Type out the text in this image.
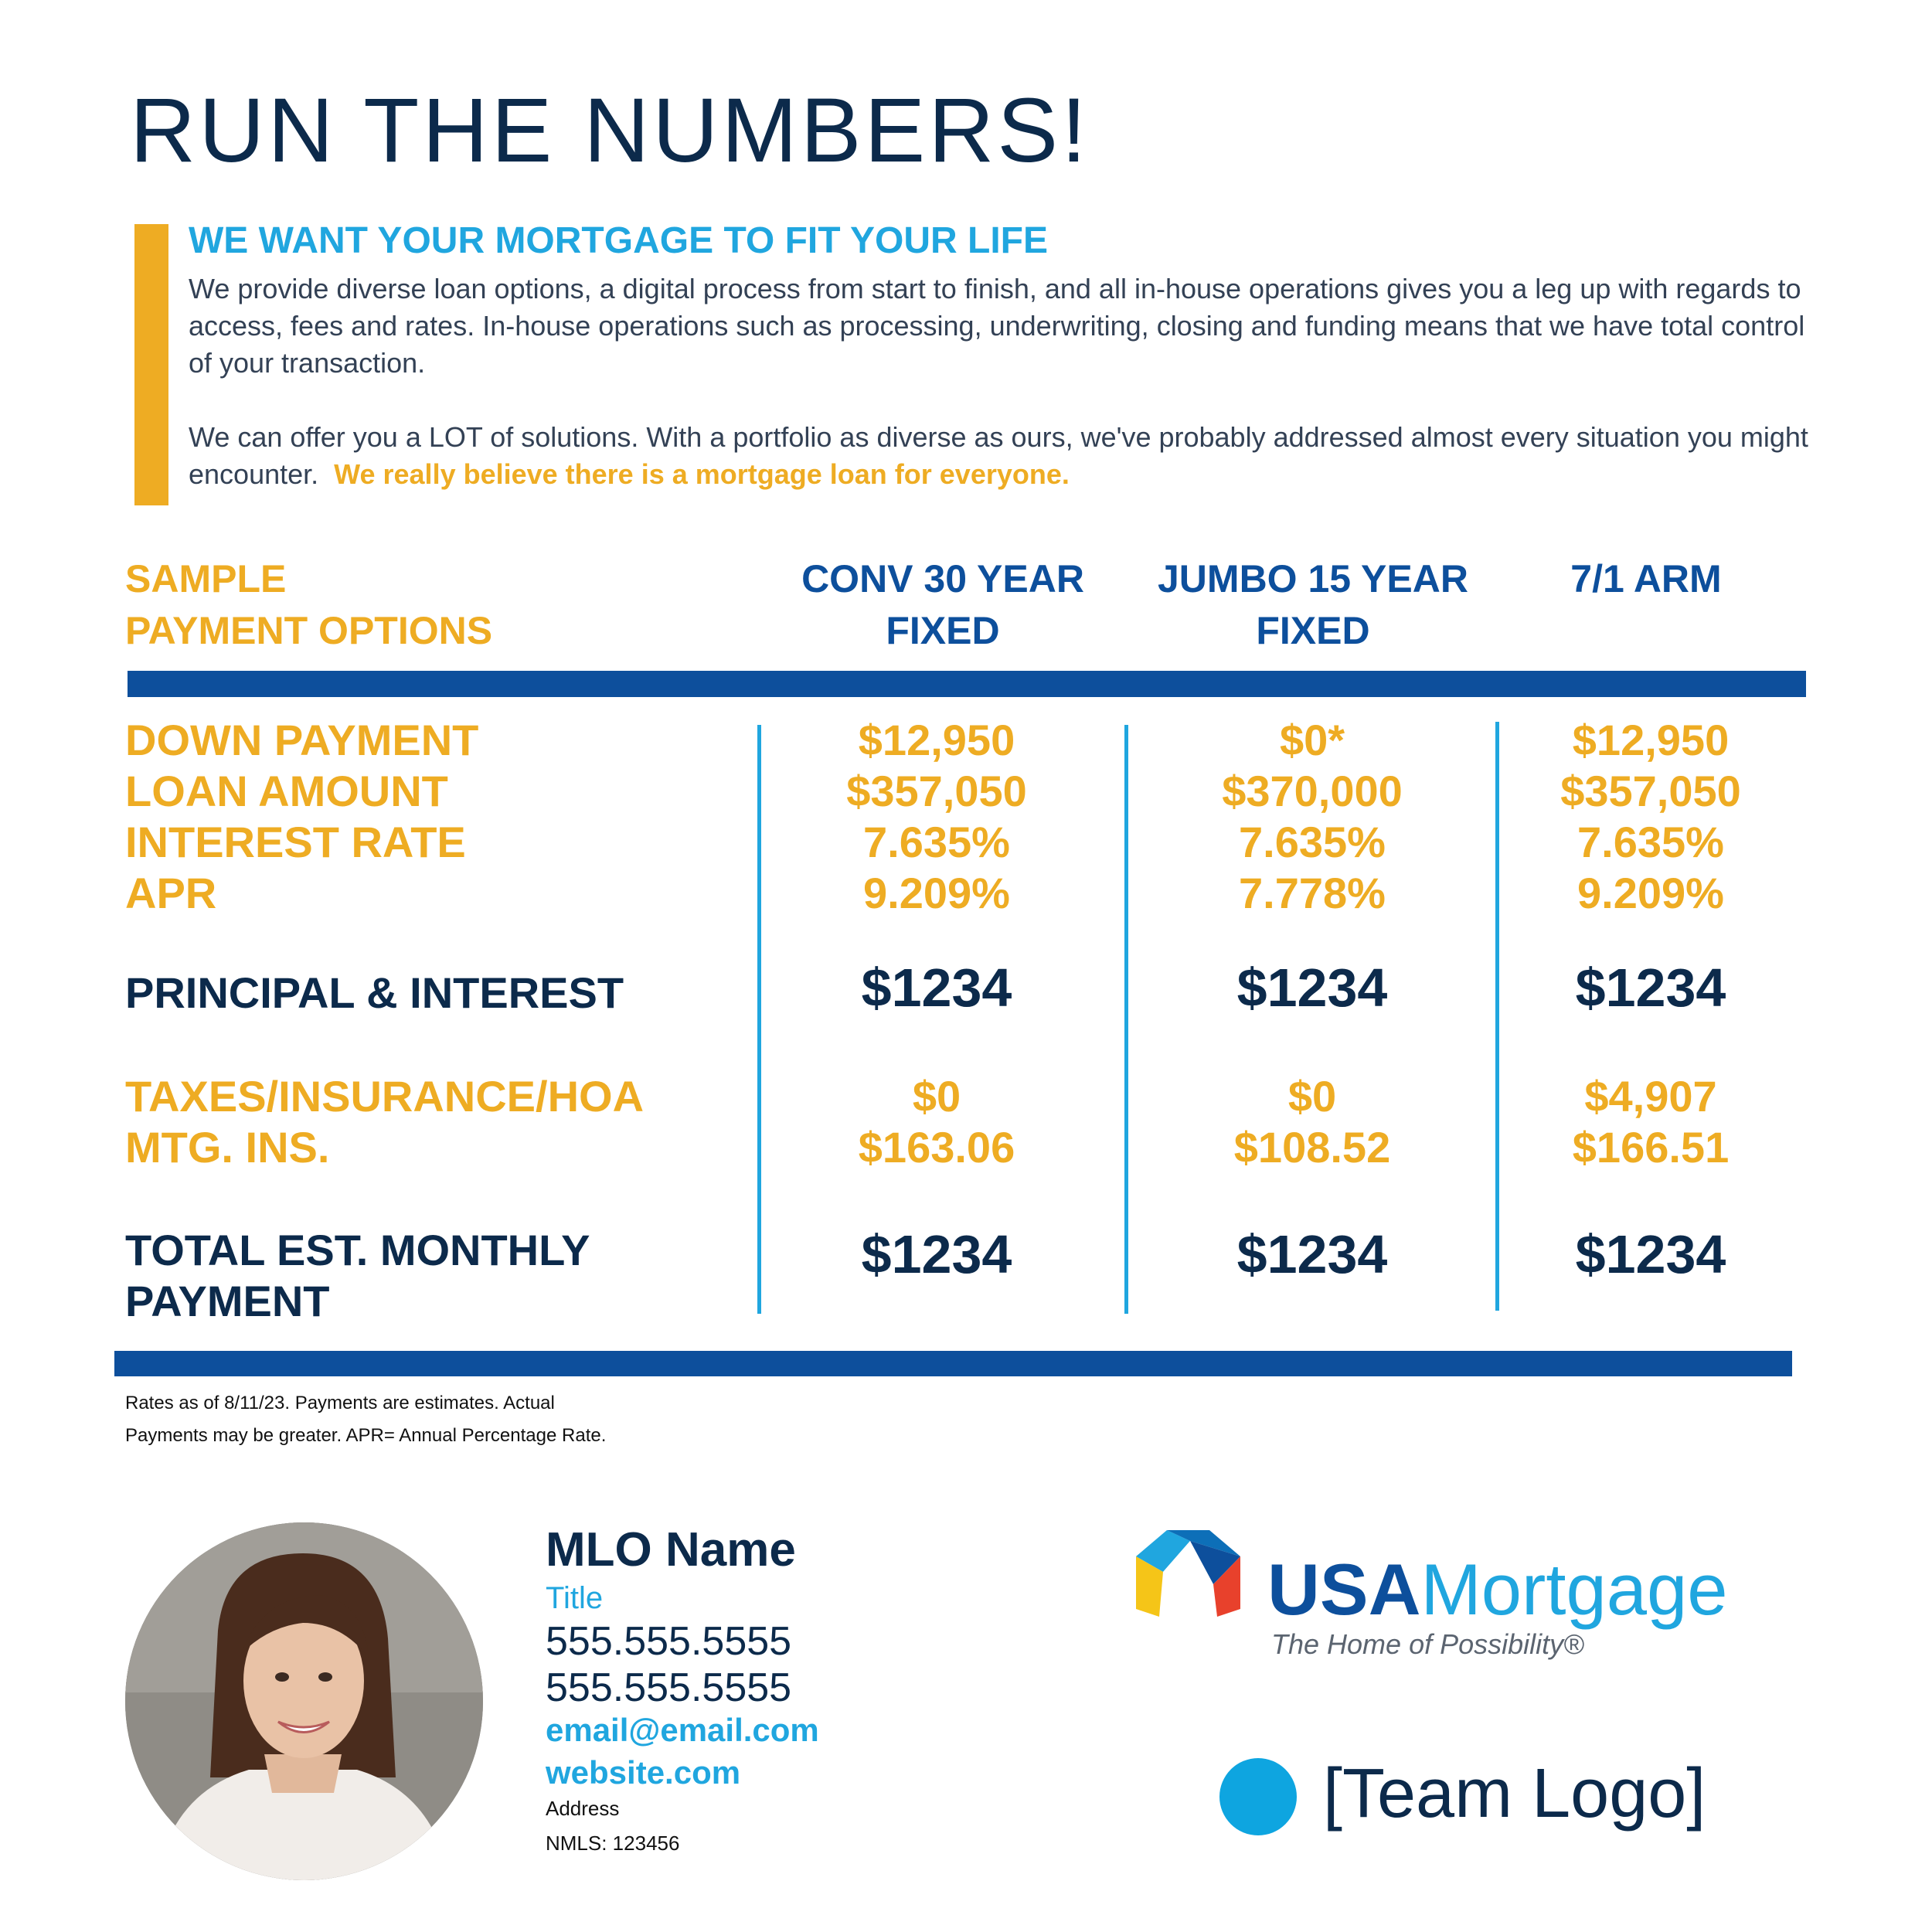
RUN THE NUMBERS!
WE WANT YOUR MORTGAGE TO FIT YOUR LIFE
We provide diverse loan options, a digital process from start to finish, and all in-house operations gives you a leg up with regards to access, fees and rates. In-house operations such as processing, underwriting, closing and funding means that we have total control of your transaction.
We can offer you a LOT of solutions. With a portfolio as diverse as ours, we've probably addressed almost every situation you might encounter. We really believe there is a mortgage loan for everyone.
SAMPLE
PAYMENT OPTIONS
CONV 30 YEAR
FIXED
JUMBO 15 YEAR
FIXED
7/1 ARM
DOWN PAYMENT
LOAN AMOUNT
INTEREST RATE
APR
PRINCIPAL & INTEREST
TAXES/INSURANCE/HOA
MTG. INS.
TOTAL EST. MONTHLY
PAYMENT
$12,950
$357,050
7.635%
9.209%
$1234
$0
$163.06
$1234
$0*
$370,000
7.635%
7.778%
$1234
$0
$108.52
$1234
$12,950
$357,050
7.635%
9.209%
$1234
$4,907
$166.51
$1234
Rates as of 8/11/23. Payments are estimates. Actual
Payments may be greater. APR= Annual Percentage Rate.
MLO Name
Title
555.555.5555
555.555.5555
email@email.com
website.com
Address
NMLS: 123456
USAMortgage
The Home of Possibility®
[Team Logo]
